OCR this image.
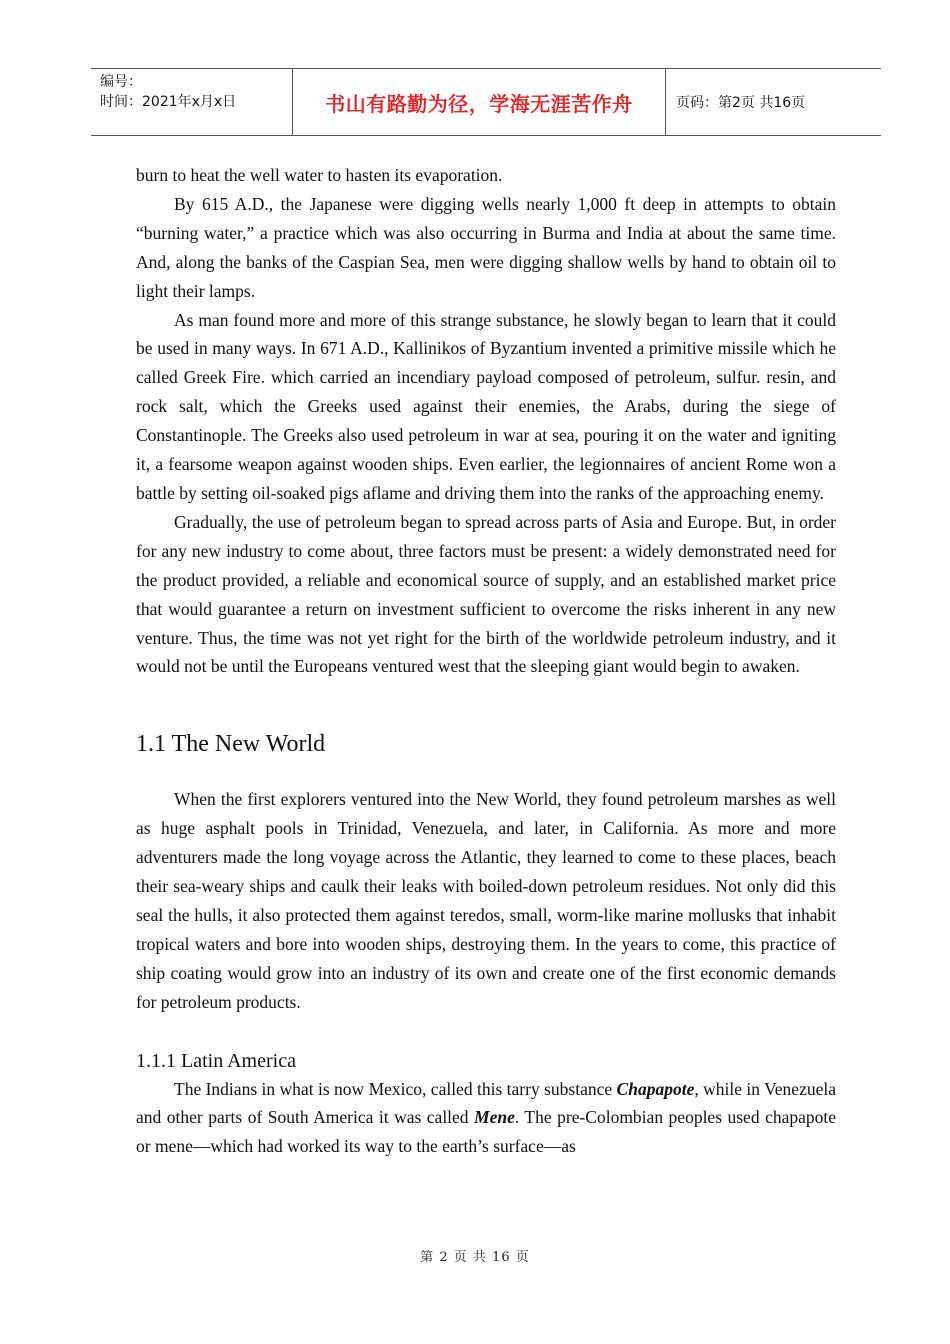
编号：
时间：2021年x月x日	书山有路勤为径，学海无涯苦作舟	页码：第2页 共16页

burn to heat the well water to hasten its evaporation.

By 615 A.D., the Japanese were digging wells nearly 1,000 ft deep in attempts to obtain “burning water,” a practice which was also occurring in Burma and India at about the same time. And, along the banks of the Caspian Sea, men were digging shallow wells by hand to obtain oil to light their lamps.

As man found more and more of this strange substance, he slowly began to learn that it could be used in many ways. In 671 A.D., Kallinikos of Byzantium invented a primitive missile which he called Greek Fire. which carried an incendiary payload composed of petroleum, sulfur. resin, and rock salt, which the Greeks used against their enemies, the Arabs, during the siege of Constantinople. The Greeks also used petroleum in war at sea, pouring it on the water and igniting it, a fearsome weapon against wooden ships. Even earlier, the legionnaires of ancient Rome won a battle by setting oil-soaked pigs aflame and driving them into the ranks of the approaching enemy.

Gradually, the use of petroleum began to spread across parts of Asia and Europe. But, in order for any new industry to come about, three factors must be present: a widely demonstrated need for the product provided, a reliable and economical source of supply, and an established market price that would guarantee a return on investment sufficient to overcome the risks inherent in any new venture. Thus, the time was not yet right for the birth of the worldwide petroleum industry, and it would not be until the Europeans ventured west that the sleeping giant would begin to awaken.

1.1 The New World

When the first explorers ventured into the New World, they found petroleum marshes as well as huge asphalt pools in Trinidad, Venezuela, and later, in California. As more and more adventurers made the long voyage across the Atlantic, they learned to come to these places, beach their sea-weary ships and caulk their leaks with boiled-down petroleum residues. Not only did this seal the hulls, it also protected them against teredos, small, worm-like marine mollusks that inhabit tropical waters and bore into wooden ships, destroying them. In the years to come, this practice of ship coating would grow into an industry of its own and create one of the first economic demands for petroleum products.

1.1.1 Latin America

The Indians in what is now Mexico, called this tarry substance Chapapote, while in Venezuela and other parts of South America it was called Mene. The pre-Colombian peoples used chapapote or mene—which had worked its way to the earth’s surface—as

第 2 页 共 16 页
